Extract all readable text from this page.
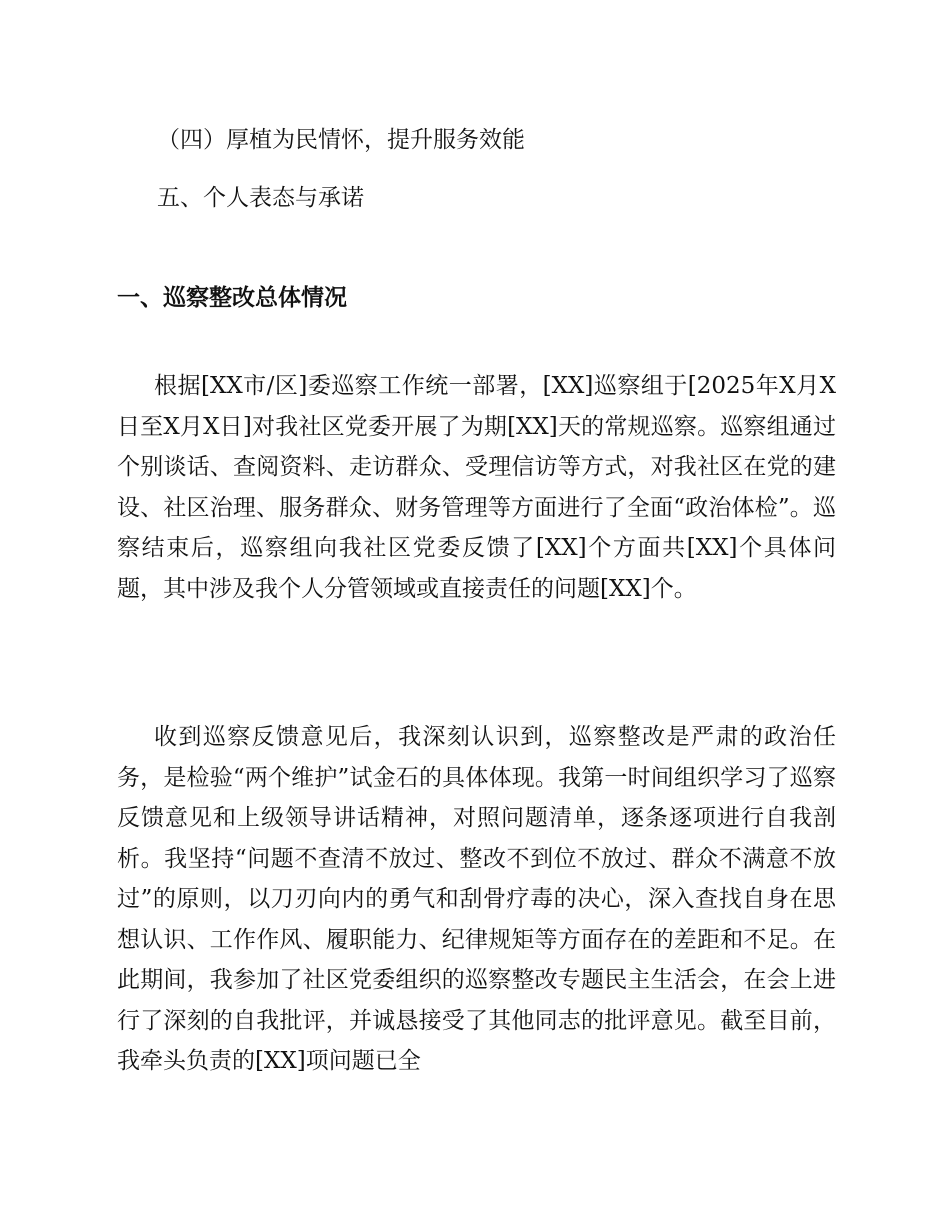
（四）厚植为民情怀，提升服务效能
五、个人表态与承诺
一、巡察整改总体情况

根据[XX市/区]委巡察工作统一部署，[XX]巡察组于[2025年X月X日至X月X日]对我社区党委开展了为期[XX]天的常规巡察。巡察组通过个别谈话、查阅资料、走访群众、受理信访等方式，对我社区在党的建设、社区治理、服务群众、财务管理等方面进行了全面“政治体检”。巡察结束后，巡察组向我社区党委反馈了[XX]个方面共[XX]个具体问题，其中涉及我个人分管领域或直接责任的问题[XX]个。

收到巡察反馈意见后，我深刻认识到，巡察整改是严肃的政治任务，是检验“两个维护”试金石的具体体现。我第一时间组织学习了巡察反馈意见和上级领导讲话精神，对照问题清单，逐条逐项进行自我剖析。我坚持“问题不查清不放过、整改不到位不放过、群众不满意不放过”的原则，以刀刃向内的勇气和刮骨疗毒的决心，深入查找自身在思想认识、工作作风、履职能力、纪律规矩等方面存在的差距和不足。在此期间，我参加了社区党委组织的巡察整改专题民主生活会，在会上进行了深刻的自我批评，并诚恳接受了其他同志的批评意见。截至目前，我牵头负责的[XX]项问题已全
